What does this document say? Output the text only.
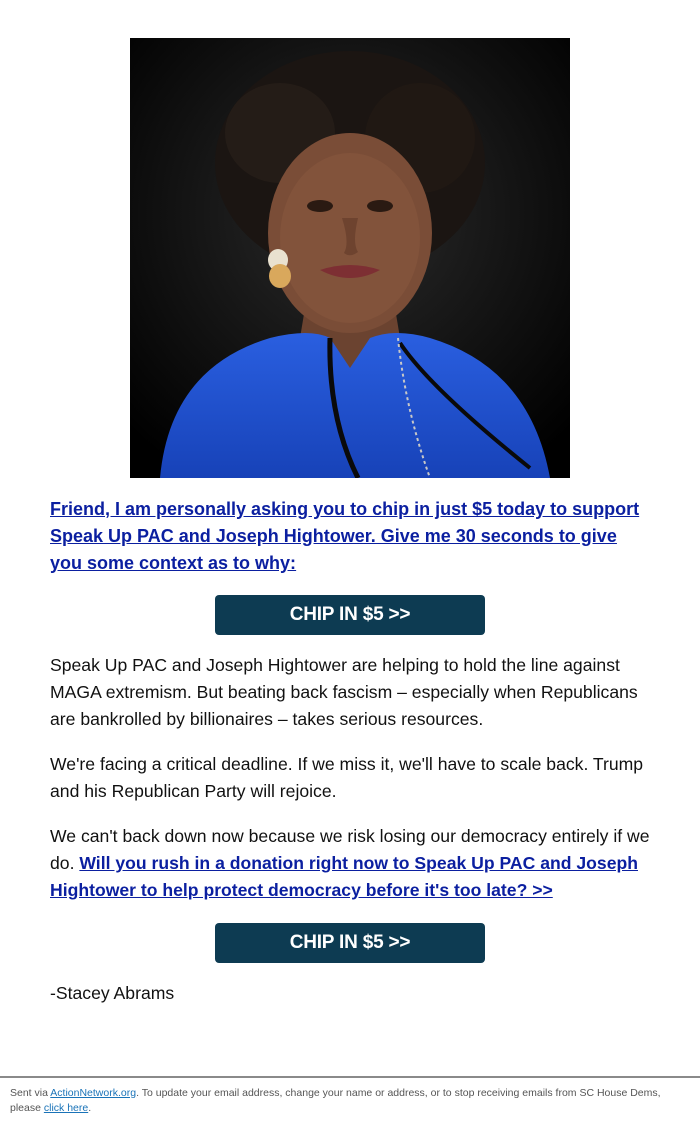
Friend, I am personally asking you to chip in just $5 today to support Speak Up PAC and Joseph Hightower. Give me 30 seconds to give you some context as to why:
CHIP IN $5 >>

Speak Up PAC and Joseph Hightower are helping to hold the line against MAGA extremism. But beating back fascism – especially when Republicans are bankrolled by billionaires – takes serious resources.

We're facing a critical deadline. If we miss it, we'll have to scale back. Trump and his Republican Party will rejoice.

We can't back down now because we risk losing our democracy entirely if we do. Will you rush in a donation right now to Speak Up PAC and Joseph Hightower to help protect democracy before it's too late? >>

CHIP IN $5 >>

-Stacey Abrams

Sent via ActionNetwork.org. To update your email address, change your name or address, or to stop receiving emails from SC House Dems, please click here.
